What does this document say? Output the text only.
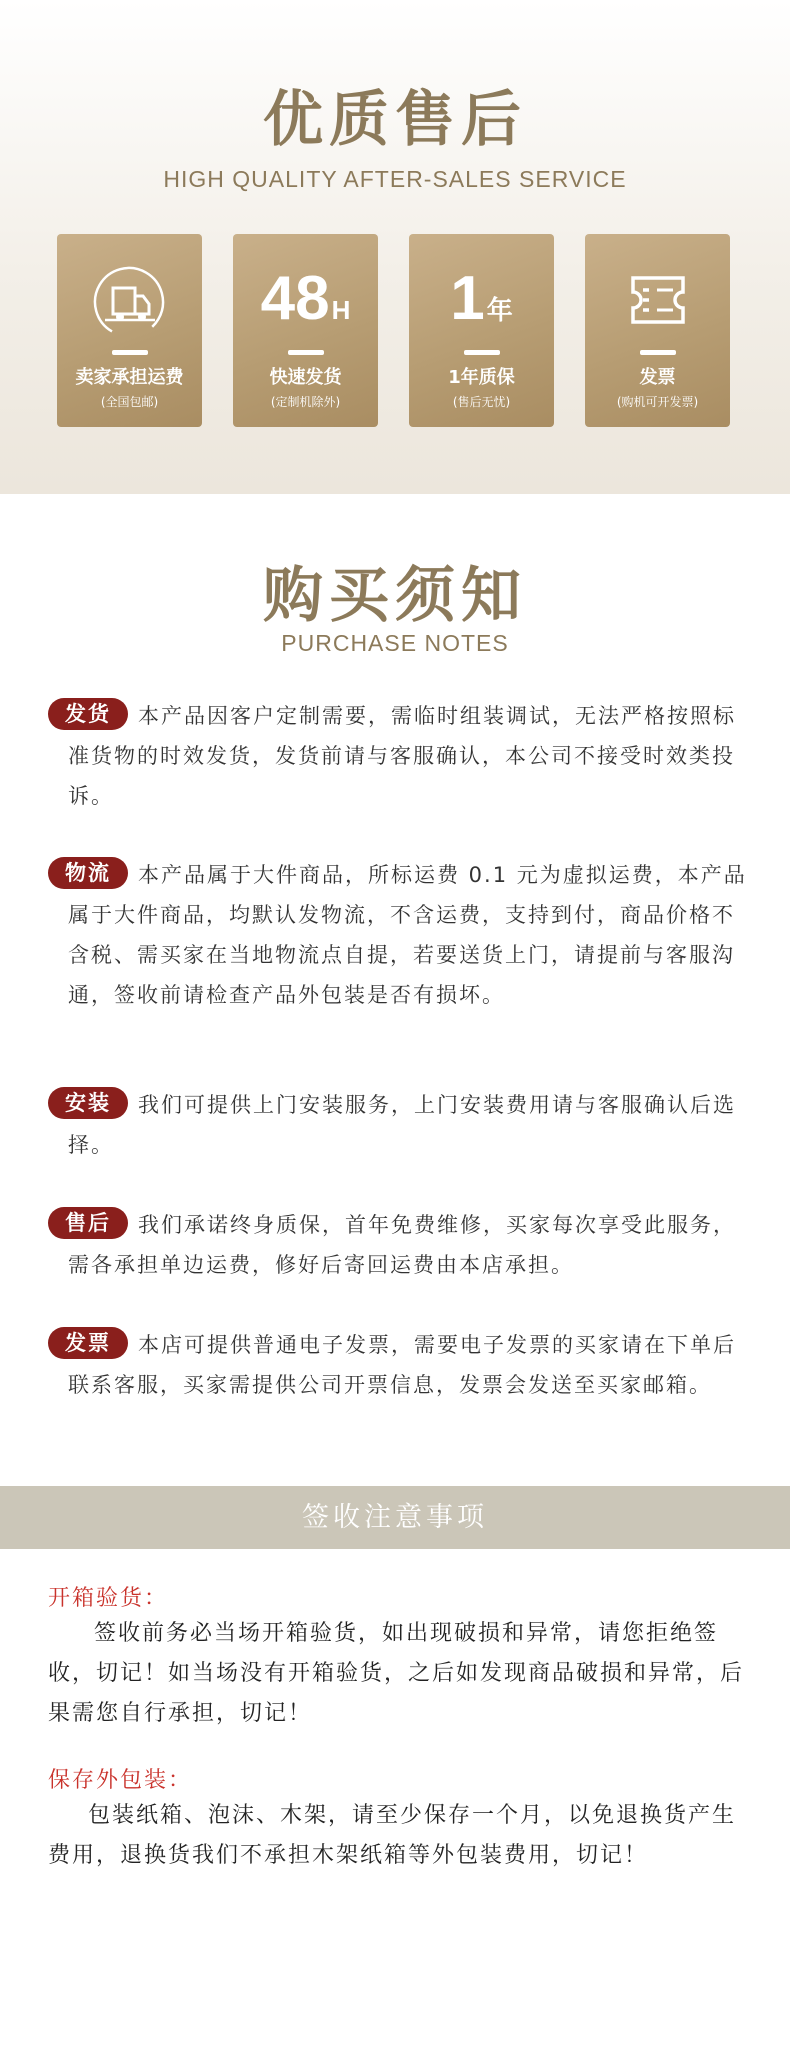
优质售后
HIGH QUALITY AFTER-SALES SERVICE
卖家承担运费
(全国包邮)
48H
快速发货
(定制机除外)
1年
1年质保
(售后无忧)
发票
(购机可开发票)
购买须知
PURCHASE NOTES

发货 本产品因客户定制需要，需临时组装调试，无法严格按照标准货物的时效发货，发货前请与客服确认，本公司不接受时效类投诉。

物流 本产品属于大件商品，所标运费 0.1 元为虚拟运费，本产品属于大件商品，均默认发物流，不含运费，支持到付，商品价格不含税、需买家在当地物流点自提，若要送货上门，请提前与客服沟通，签收前请检查产品外包装是否有损坏。

安装 我们可提供上门安装服务，上门安装费用请与客服确认后选择。

售后 我们承诺终身质保，首年免费维修，买家每次享受此服务，需各承担单边运费，修好后寄回运费由本店承担。

发票 本店可提供普通电子发票，需要电子发票的买家请在下单后联系客服，买家需提供公司开票信息，发票会发送至买家邮箱。

签收注意事项
开箱验货：
签收前务必当场开箱验货，如出现破损和异常，请您拒绝签收，切记！如当场没有开箱验货，之后如发现商品破损和异常，后果需您自行承担，切记！
保存外包装：
包装纸箱、泡沫、木架，请至少保存一个月，以免退换货产生费用，退换货我们不承担木架纸箱等外包装费用，切记！
